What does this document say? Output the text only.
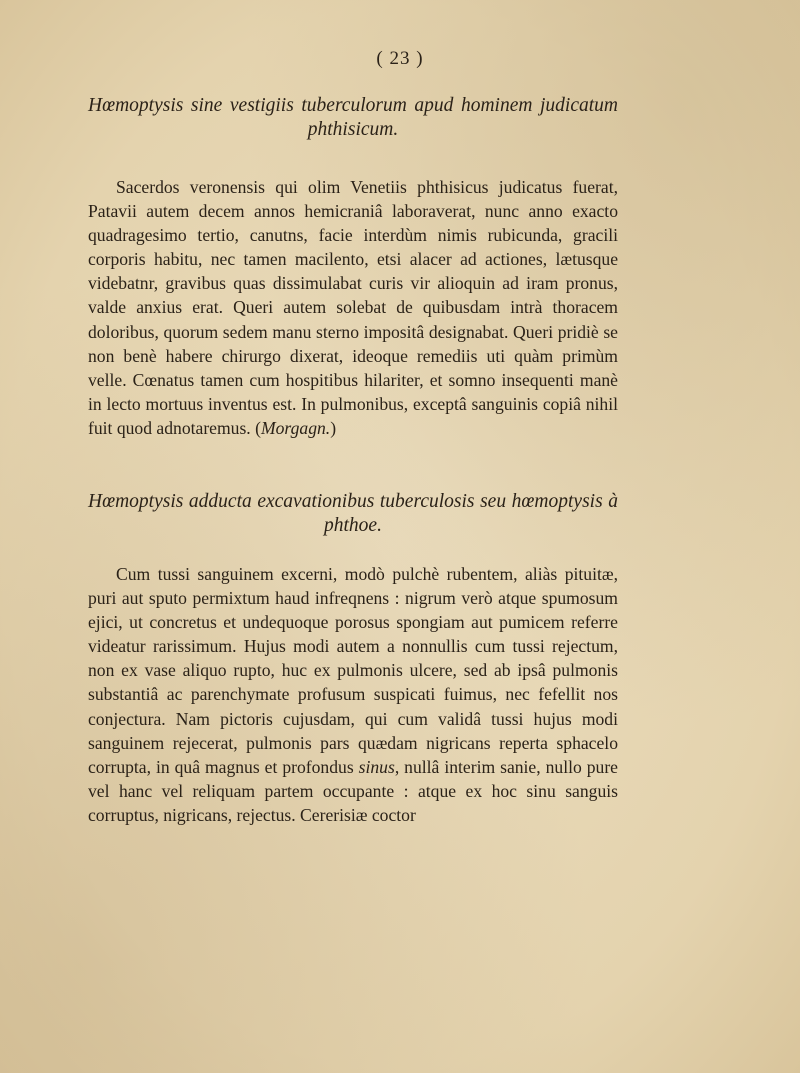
( 23 )
Hœmoptysis sine vestigiis tuberculorum apud hominem judicatum phthisicum.

Sacerdos veronensis qui olim Venetiis phthisicus judicatus fuerat, Patavii autem decem annos hemicraniâ laboraverat, nunc anno exacto quadragesimo tertio, canutns, facie interdùm nimis rubicunda, gracili corporis habitu, nec tamen macilento, etsi alacer ad actiones, lætusque videbatnr, gravibus quas dissimulabat curis vir alioquin ad iram pronus, valde anxius erat. Queri autem solebat de quibusdam intrà thoracem doloribus, quorum sedem manu sterno impositâ designabat. Queri pridiè se non benè habere chirurgo dixerat, ideoque remediis uti quàm primùm velle. Cœnatus tamen cum hospitibus hilariter, et somno insequenti manè in lecto mortuus inventus est. In pulmonibus, exceptâ sanguinis copiâ nihil fuit quod adnotaremus. (Morgagn.)

Hœmoptysis adducta excavationibus tuberculosis seu hœmoptysis à phthoe.

Cum tussi sanguinem excerni, modò pulchè rubentem, aliàs pituitæ, puri aut sputo permixtum haud infreqnens : nigrum verò atque spumosum ejici, ut concretus et undequoque porosus spongiam aut pumicem referre videatur rarissimum. Hujus modi autem a nonnullis cum tussi rejectum, non ex vase aliquo rupto, huc ex pulmonis ulcere, sed ab ipsâ pulmonis substantiâ ac parenchymate profusum suspicati fuimus, nec fefellit nos conjectura. Nam pictoris cujusdam, qui cum validâ tussi hujus modi sanguinem rejecerat, pulmonis pars quædam nigricans reperta sphacelo corrupta, in quâ magnus et profondus sinus, nullâ interim sanie, nullo pure vel hanc vel reliquam partem occupante : atque ex hoc sinu sanguis corruptus, nigricans, rejectus. Cererisiæ coctor
